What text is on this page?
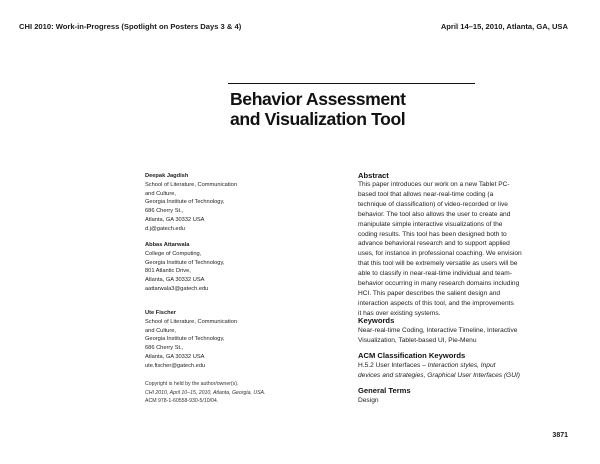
CHI 2010: Work-in-Progress (Spotlight on Posters Days 3 & 4)	April 14–15, 2010, Atlanta, GA, USA
Behavior Assessment
and Visualization Tool
Deepak Jagdish
School of Literature, Communication
and Culture,
Georgia Institute of Technology,
686 Cherry St.,
Atlanta, GA 30332 USA
d.j@gatech.edu
Abbas Attarwala
College of Computing,
Georgia Institute of Technology,
801 Atlantic Drive,
Atlanta, GA 30332 USA
aattarwala3@gatech.edu
Ute Fischer
School of Literature, Communication
and Culture,
Georgia Institute of Technology,
686 Cherry St.,
Atlanta, GA 30332 USA
ute.fischer@gatech.edu
Copyright is held by the author/owner(s).
CHI 2010, April 10–15, 2010, Atlanta, Georgia, USA.
ACM 978-1-60558-930-5/10/04.
Abstract
This paper introduces our work on a new Tablet PC-
based tool that allows near-real-time coding (a
technique of classification) of video-recorded or live
behavior. The tool also allows the user to create and
manipulate simple interactive visualizations of the
coding results. This tool has been designed both to
advance behavioral research and to support applied
uses, for instance in professional coaching. We envision
that this tool will be extremely versatile as users will be
able to classify in near-real-time individual and team-
behavior occurring in many research domains including
HCI. This paper describes the salient design and
interaction aspects of this tool, and the improvements
it has over existing systems.
Keywords
Near-real-time Coding, Interactive Timeline, Interactive
Visualization, Tablet-based UI, Pie-Menu
ACM Classification Keywords
H.5.2 User Interfaces – Interaction styles, Input
devices and strategies, Graphical User Interfaces (GUI)
General Terms
Design
3871
